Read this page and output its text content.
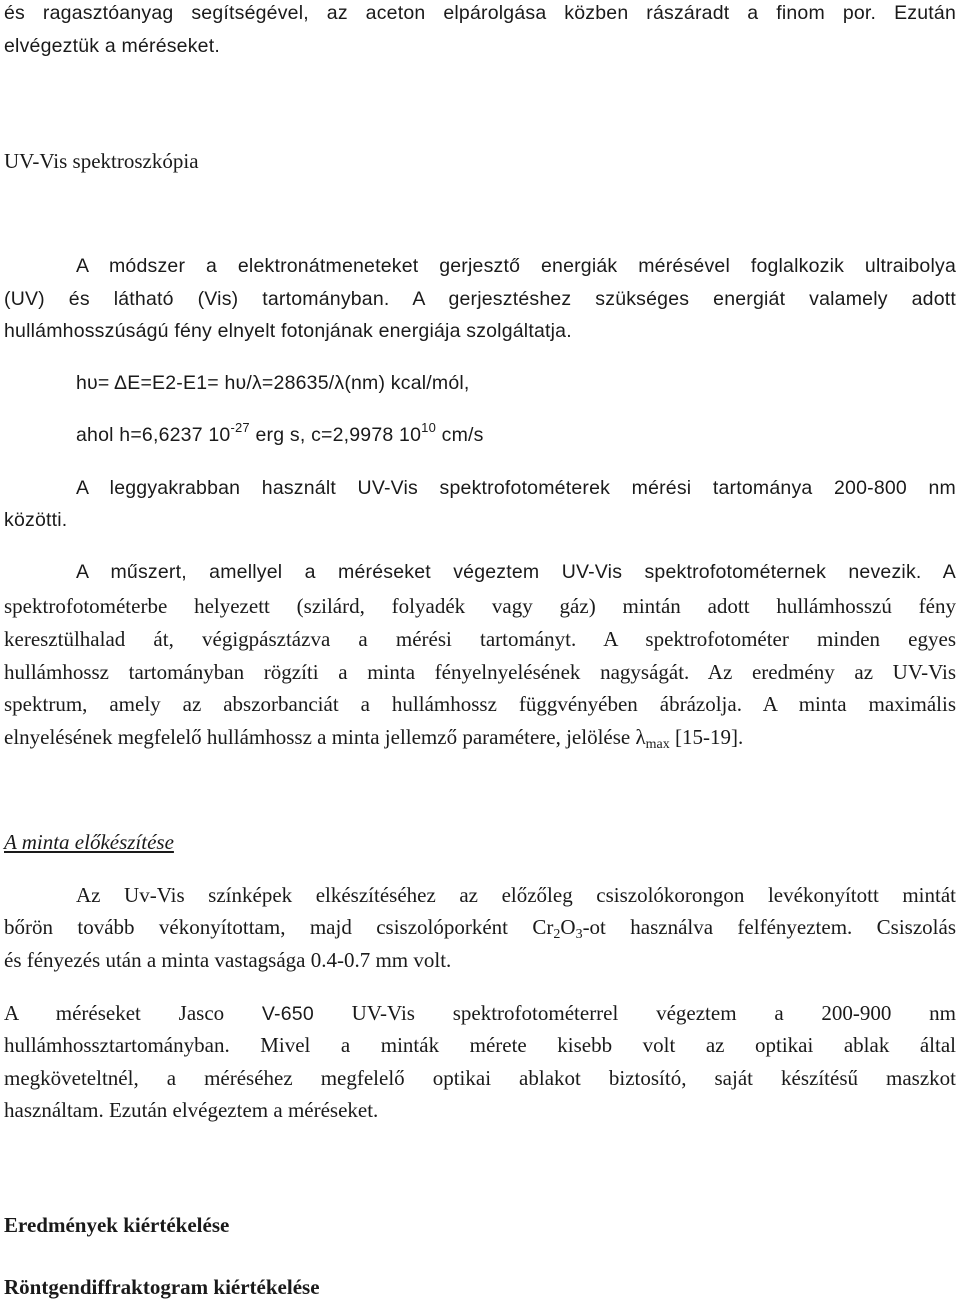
és ragasztóanyag segítségével, az aceton elpárolgása közben rászáradt a finom por. Ezután

elvégeztük a méréseket.

UV-Vis spektroszkópia

A módszer a elektronátmeneteket gerjesztő energiák mérésével foglalkozik ultraibolya

(UV) és látható (Vis) tartományban. A gerjesztéshez szükséges energiát valamely adott

hullámhosszúságú fény elnyelt fotonjának energiája szolgáltatja.

hυ= ΔE=E2-E1= hυ/λ=28635/λ(nm) kcal/mól,

ahol h=6,6237 $10^{-27}$ erg s, c=2,9978 $10^{10}$ cm/s

A leggyakrabban használt UV-Vis spektrofotométerek mérési tartománya 200-800 nm

közötti.

A műszert, amellyel a méréseket végeztem UV-Vis spektrofotométernek nevezik. A

spektrofotométerbe helyezett (szilárd, folyadék vagy gáz) mintán adott hullámhosszú fény

keresztülhalad át, végigpásztázva a mérési tartományt. A spektrofotométer minden egyes

hullámhossz tartományban rögzíti a minta fényelnyelésének nagyságát. Az eredmény az UV-Vis

spektrum, amely az abszorbanciát a hullámhossz függvényében ábrázolja. A minta maximális

elnyelésének megfelelő hullámhossz a minta jellemző paramétere, jelölése $\lambda_{max}$ [15-19].

A minta előkészítése

Az Uv-Vis színképek elkészítéséhez az előzőleg csiszolókorongon levékonyított mintát

bőrön tovább vékonyítottam, majd csiszolóporként $Cr_2O_3-ot$ használva felfényeztem. Csiszolás

és fényezés után a minta vastagsága 0.4-0.7 mm volt.

A méréseket Jasco V-650 UV-Vis spektrofotométerrel végeztem a 200-900 nm

hullámhossztartományban. Mivel a minták mérete kisebb volt az optikai ablak által

megköveteltnél, a méréséhez megfelelő optikai ablakot biztosító, saját készítésű maszkot

használtam. Ezután elvégeztem a méréseket.

Eredmények kiértékelése

Röntgendiffraktogram kiértékelése
